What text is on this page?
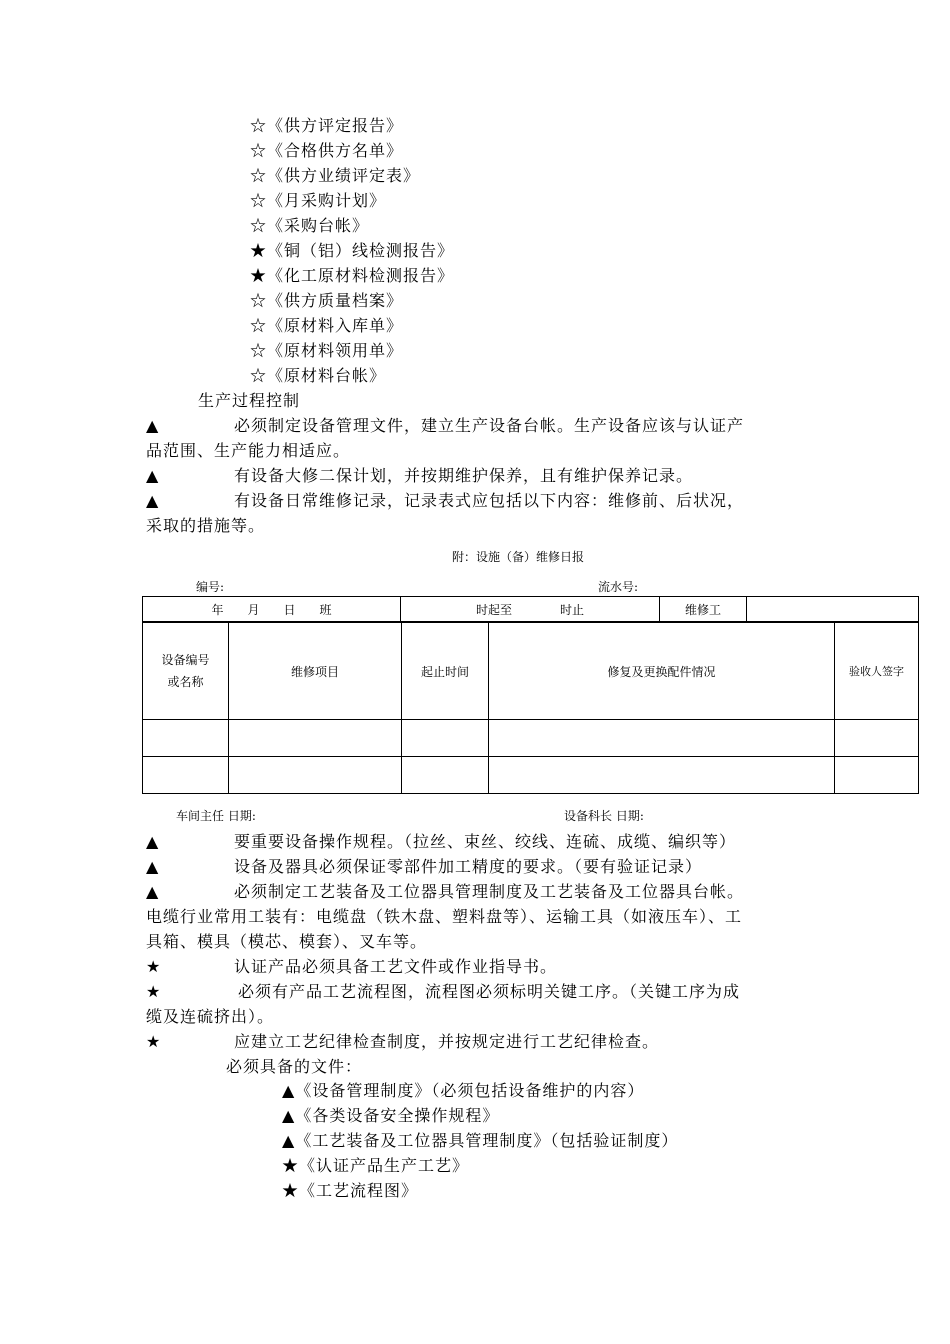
☆《供方评定报告》
☆《合格供方名单》
☆《供方业绩评定表》
☆《月采购计划》
☆《采购台帐》
★《铜（铝）线检测报告》
★《化工原材料检测报告》
☆《供方质量档案》
☆《原材料入库单》
☆《原材料领用单》
☆《原材料台帐》
生产过程控制
▲	必须制定设备管理文件，建立生产设备台帐。生产设备应该与认证产
品范围、生产能力相适应。
▲	有设备大修二保计划，并按期维护保养，且有维护保养记录。
▲	有设备日常维修记录，记录表式应包括以下内容：维修前、后状况，
采取的措施等。
附：设施（备）维修日报
编号:	流水号:
年　　月　　日　　班	时起至　　　　时止	维修工	
设备编号
或名称	维修项目	起止时间	修复及更换配件情况	验收人签字

车间主任 日期:	设备科长 日期:
▲	要重要设备操作规程。（拉丝、束丝、绞线、连硫、成缆、编织等）
▲	设备及器具必须保证零部件加工精度的要求。（要有验证记录）
▲	必须制定工艺装备及工位器具管理制度及工艺装备及工位器具台帐。
电缆行业常用工装有：电缆盘（铁木盘、塑料盘等）、运输工具（如液压车）、工
具箱、模具（模芯、模套）、叉车等。
★	认证产品必须具备工艺文件或作业指导书。
★	必须有产品工艺流程图，流程图必须标明关键工序。（关键工序为成
缆及连硫挤出）。
★	应建立工艺纪律检查制度，并按规定进行工艺纪律检查。
必须具备的文件：
▲《设备管理制度》（必须包括设备维护的内容）
▲《各类设备安全操作规程》
▲《工艺装备及工位器具管理制度》（包括验证制度）
★《认证产品生产工艺》
★《工艺流程图》
